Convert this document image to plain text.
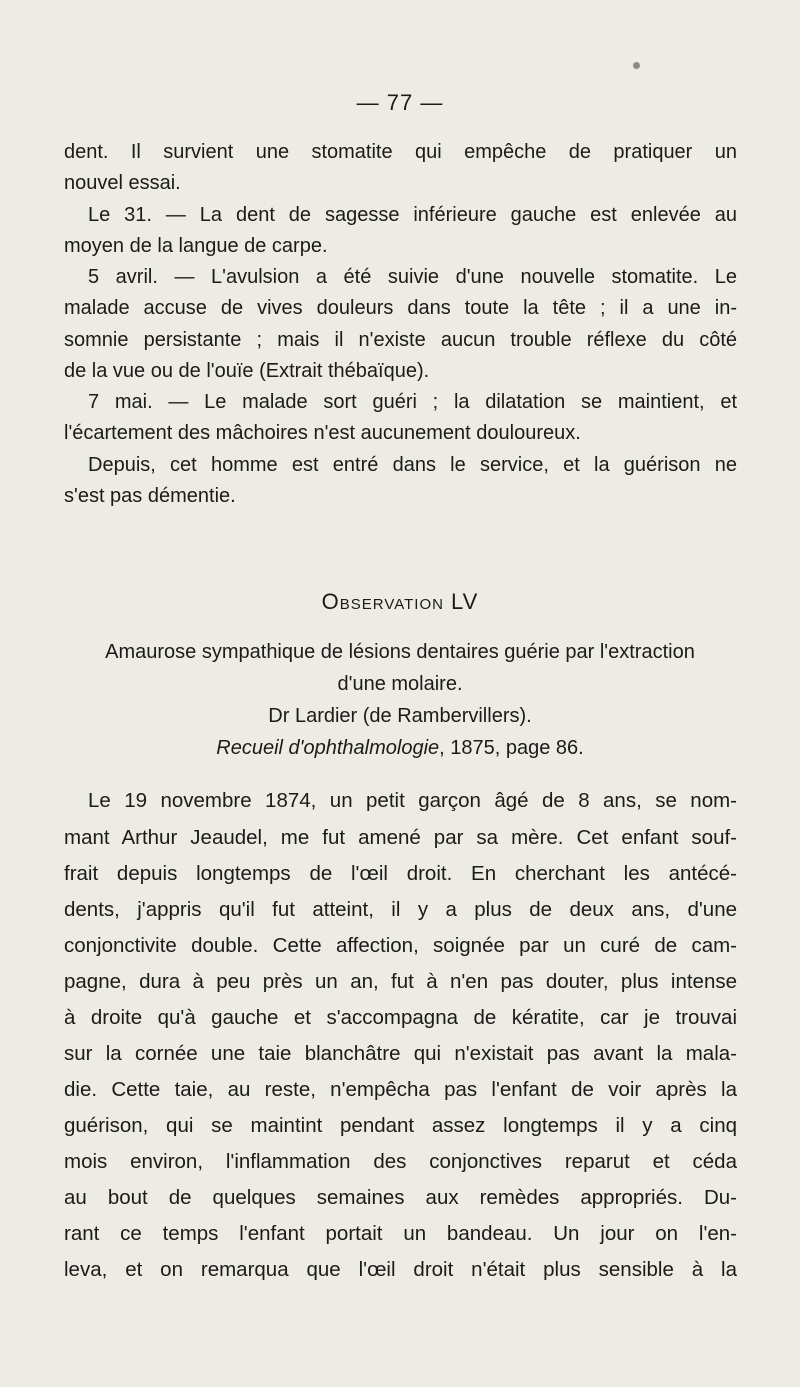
— 77 —
dent. Il survient une stomatite qui empêche de pratiquer un
nouvel essai.
Le 31. — La dent de sagesse inférieure gauche est enlevée au
moyen de la langue de carpe.
5 avril. — L'avulsion a été suivie d'une nouvelle stomatite. Le
malade accuse de vives douleurs dans toute la tête ; il a une in-
somnie persistante ; mais il n'existe aucun trouble réflexe du côté
de la vue ou de l'ouïe (Extrait thébaïque).
7 mai. — Le malade sort guéri ; la dilatation se maintient, et
l'écartement des mâchoires n'est aucunement douloureux.
Depuis, cet homme est entré dans le service, et la guérison ne
s'est pas démentie.
Observation LV
Amaurose sympathique de lésions dentaires guérie par l'extraction
d'une molaire.
Dr Lardier (de Rambervillers).
Recueil d'ophthalmologie, 1875, page 86.
Le 19 novembre 1874, un petit garçon âgé de 8 ans, se nom-
mant Arthur Jeaudel, me fut amené par sa mère. Cet enfant souf-
frait depuis longtemps de l'œil droit. En cherchant les antécé-
dents, j'appris qu'il fut atteint, il y a plus de deux ans, d'une
conjonctivite double. Cette affection, soignée par un curé de cam-
pagne, dura à peu près un an, fut à n'en pas douter, plus intense
à droite qu'à gauche et s'accompagna de kératite, car je trouvai
sur la cornée une taie blanchâtre qui n'existait pas avant la mala-
die. Cette taie, au reste, n'empêcha pas l'enfant de voir après la
guérison, qui se maintint pendant assez longtemps il y a cinq
mois environ, l'inflammation des conjonctives reparut et céda
au bout de quelques semaines aux remèdes appropriés. Du-
rant ce temps l'enfant portait un bandeau. Un jour on l'en-
leva, et on remarqua que l'œil droit n'était plus sensible à la
